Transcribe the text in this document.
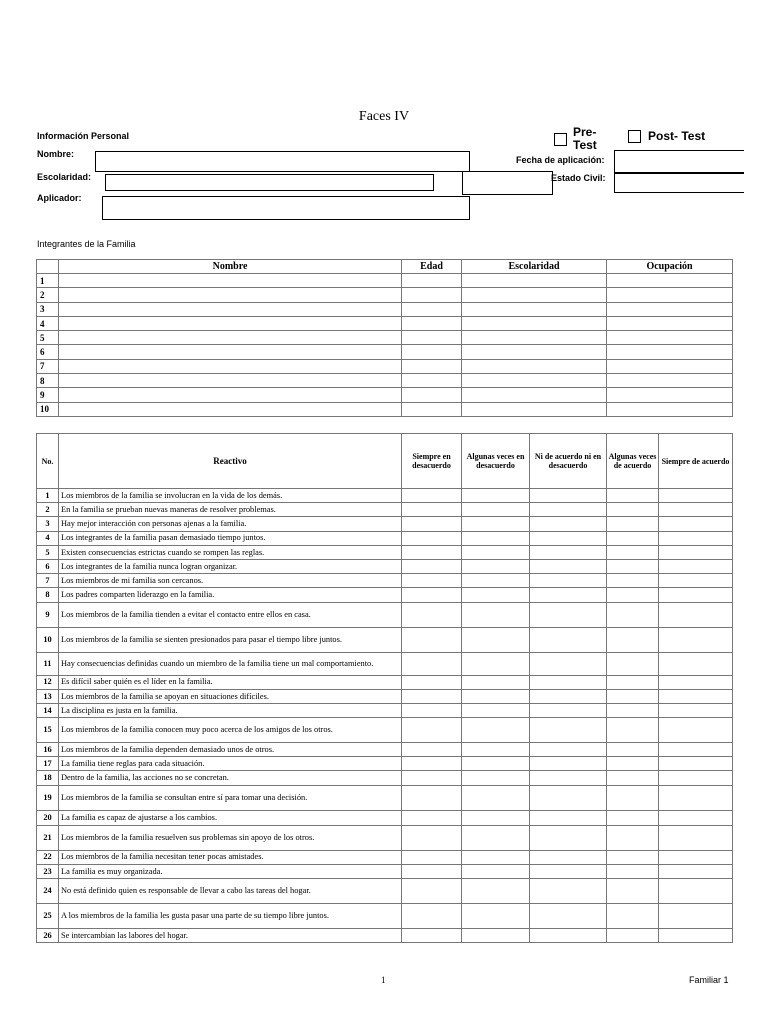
Faces IV
Información Personal
Nombre:
Escolaridad:
Aplicador:
Pre-
Test
Post- Test
Fecha de aplicación:
Estado Civil:
Integrantes de la Familia
	Nombre	Edad	Escolaridad	Ocupación
1				
2				
3				
4				
5				
6				
7				
8				
9				
10				
No.	Reactivo	Siempre en desacuerdo	Algunas veces en desacuerdo	Ni de acuerdo ni en desacuerdo	Algunas veces de acuerdo	Siempre de acuerdo
1	Los miembros de la familia se involucran en la vida de los demás.					
2	En la familia se prueban nuevas maneras de resolver problemas.					
3	Hay mejor interacción con personas ajenas a la familia.					
4	Los integrantes de la familia pasan demasiado tiempo juntos.					
5	Existen consecuencias estrictas cuando se rompen las reglas.					
6	Los integrantes de la familia nunca logran organizar.					
7	Los miembros de mi familia son cercanos.					
8	Los padres comparten liderazgo en la familia.					
9	Los miembros de la familia tienden a evitar el contacto entre ellos en casa.					
10	Los miembros de la familia se sienten presionados para pasar el tiempo libre juntos.					
11	Hay consecuencias definidas cuando un miembro de la familia tiene un mal comportamiento.					
12	Es difícil saber quién es el líder en la familia.					
13	Los miembros de la familia se apoyan en situaciones difíciles.					
14	La disciplina es justa en la familia.					
15	Los miembros de la familia conocen muy poco acerca de los amigos de los otros.					
16	Los miembros de la familia dependen demasiado unos de otros.					
17	La familia tiene reglas para cada situación.					
18	Dentro de la familia, las acciones no se concretan.					
19	Los miembros de la familia se consultan entre sí para tomar una decisión.					
20	La familia es capaz de ajustarse a los cambios.					
21	Los miembros de la familia resuelven sus problemas sin apoyo de los otros.					
22	Los miembros de la familia necesitan tener pocas amistades.					
23	La familia es muy organizada.					
24	No está definido quien es responsable de llevar a cabo las tareas del hogar.					
25	A los miembros de la familia les gusta pasar una parte de su tiempo libre juntos.					
26	Se intercambian las labores del hogar.					
1	Familiar 1
